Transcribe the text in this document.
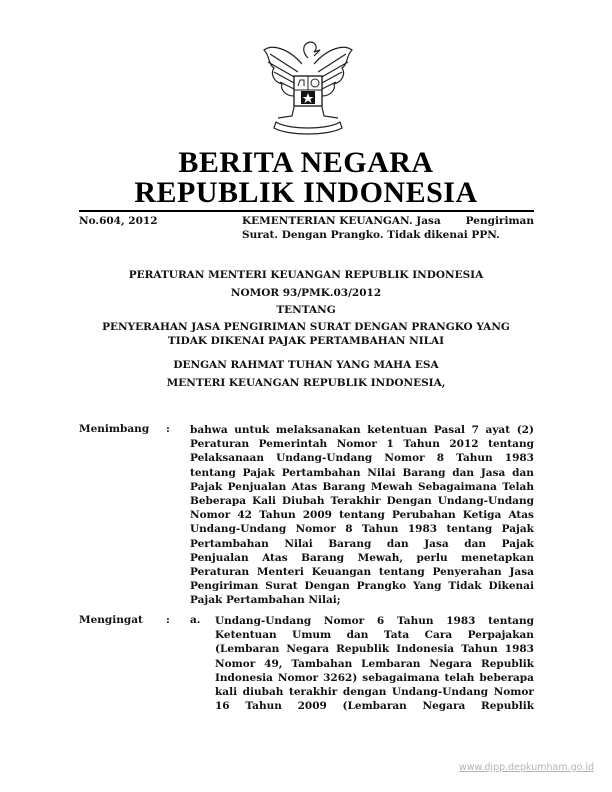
BERITA NEGARA
REPUBLIK INDONESIA
No.604, 2012	KEMENTERIAN KEUANGAN. Jasa Pengiriman
Surat. Dengan Prangko. Tidak dikenai PPN.
PERATURAN MENTERI KEUANGAN REPUBLIK INDONESIA
NOMOR 93/PMK.03/2012
TENTANG
PENYERAHAN JASA PENGIRIMAN SURAT DENGAN PRANGKO YANG
TIDAK DIKENAI PAJAK PERTAMBAHAN NILAI
DENGAN RAHMAT TUHAN YANG MAHA ESA
MENTERI KEUANGAN REPUBLIK INDONESIA,
Menimbang : bahwa untuk melaksanakan ketentuan Pasal 7 ayat (2)
Peraturan Pemerintah Nomor 1 Tahun 2012 tentang
Pelaksanaan Undang-Undang Nomor 8 Tahun 1983
tentang Pajak Pertambahan Nilai Barang dan Jasa dan
Pajak Penjualan Atas Barang Mewah Sebagaimana Telah
Beberapa Kali Diubah Terakhir Dengan Undang-Undang
Nomor 42 Tahun 2009 tentang Perubahan Ketiga Atas
Undang-Undang Nomor 8 Tahun 1983 tentang Pajak
Pertambahan Nilai Barang dan Jasa dan Pajak
Penjualan Atas Barang Mewah, perlu menetapkan
Peraturan Menteri Keuangan tentang Penyerahan Jasa
Pengiriman Surat Dengan Prangko Yang Tidak Dikenai
Pajak Pertambahan Nilai;
Mengingat : a. Undang-Undang Nomor 6 Tahun 1983 tentang
Ketentuan Umum dan Tata Cara Perpajakan
(Lembaran Negara Republik Indonesia Tahun 1983
Nomor 49, Tambahan Lembaran Negara Republik
Indonesia Nomor 3262) sebagaimana telah beberapa
kali diubah terakhir dengan Undang-Undang Nomor
16 Tahun 2009 (Lembaran Negara Republik
www.djpp.depkumham.go.id
